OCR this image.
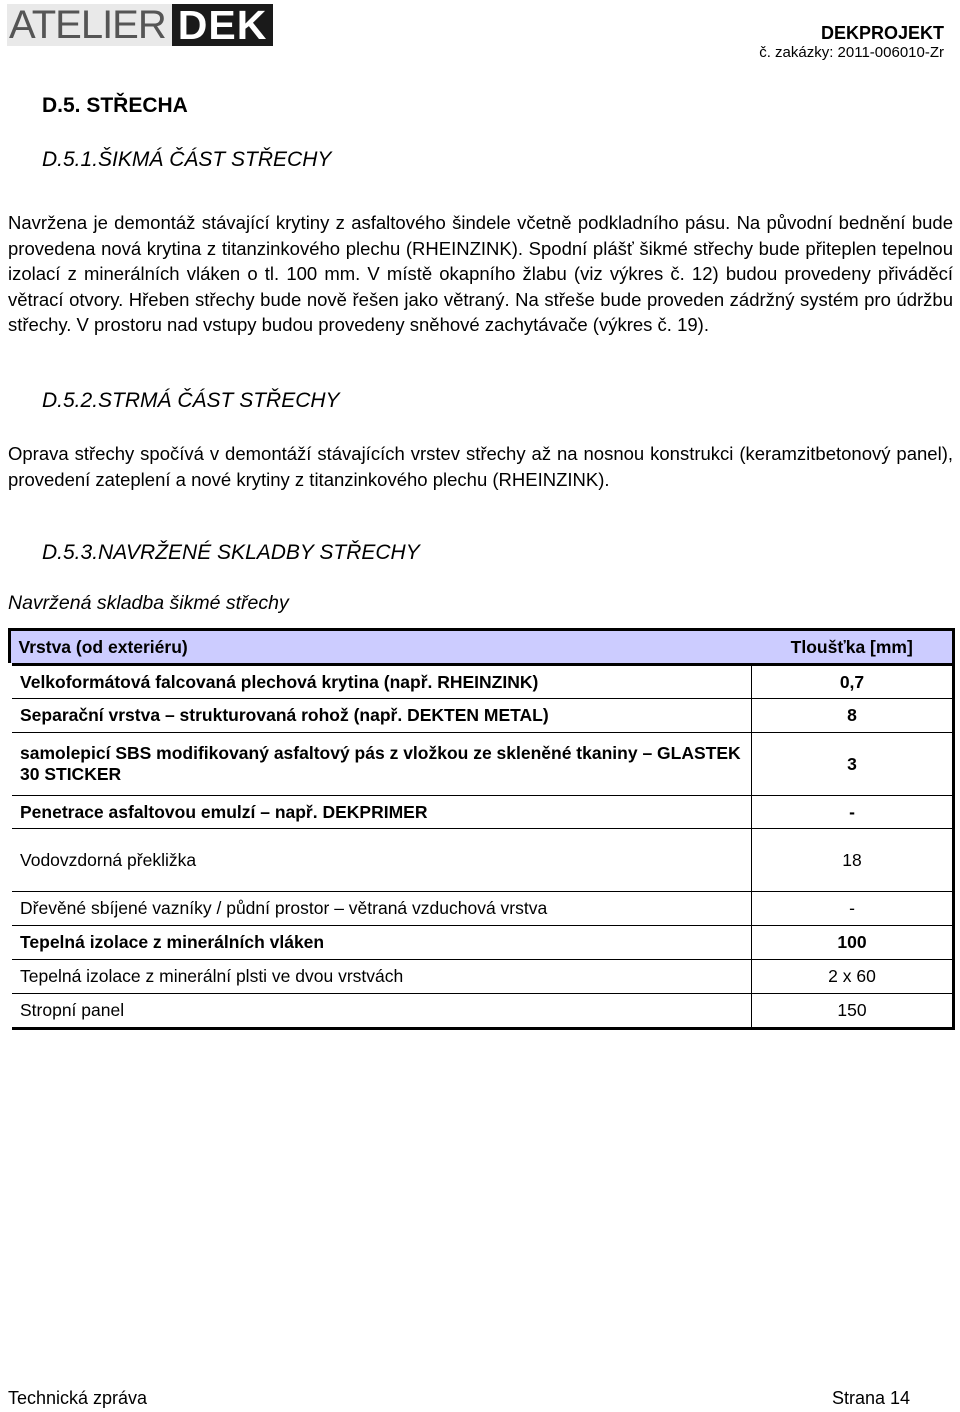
ATELIER DEK	DEKPROJEKT
č. zakázky: 2011-006010-Zr
D.5. STŘECHA
D.5.1.ŠIKMÁ ČÁST STŘECHY

Navržena je demontáž stávající krytiny z asfaltového šindele včetně podkladního pásu. Na původní bednění bude provedena nová krytina z titanzinkového plechu (RHEINZINK). Spodní plášť šikmé střechy bude přiteplen tepelnou izolací z minerálních vláken o tl. 100 mm. V místě okapního žlabu (viz výkres č. 12) budou provedeny přiváděcí větrací otvory. Hřeben střechy bude nově řešen jako větraný. Na střeše bude proveden zádržný systém pro údržbu střechy. V prostoru nad vstupy budou provedeny sněhové zachytávače (výkres č. 19).

D.5.2.STRMÁ ČÁST STŘECHY

Oprava střechy spočívá v demontáží stávajících vrstev střechy až na nosnou konstrukci (keramzitbetonový panel), provedení zateplení a nové krytiny z titanzinkového plechu (RHEINZINK).

D.5.3.NAVRŽENÉ SKLADBY STŘECHY
Navržená skladba šikmé střechy
Vrstva (od exteriéru)	Tloušťka [mm]
Velkoformátová falcovaná plechová krytina (např. RHEINZINK)	0,7
Separační vrstva – strukturovaná rohož (např. DEKTEN METAL)	8
samolepicí SBS modifikovaný asfaltový pás z vložkou ze skleněné tkaniny – GLASTEK 30 STICKER	3
Penetrace asfaltovou emulzí – např. DEKPRIMER	-
Vodovzdorná překližka	18
Dřevěné sbíjené vazníky / půdní prostor – větraná vzduchová vrstva	-
Tepelná izolace z minerálních vláken	100
Tepelná izolace z minerální plsti ve dvou vrstvách	2 x 60
Stropní panel	150
Technická zpráva	Strana 14
